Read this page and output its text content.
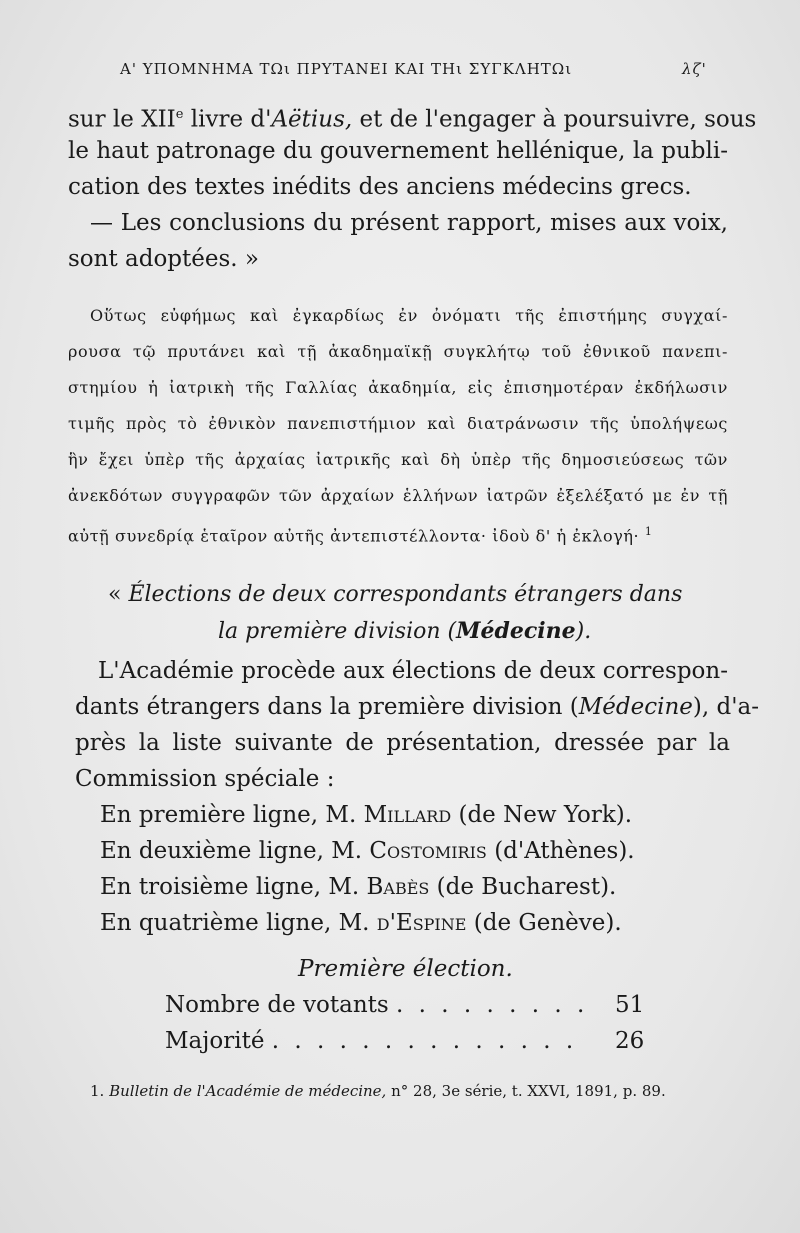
Α' ΥΠΟΜΝΗΜΑ ΤΩι ΠΡΥΤΑΝΕΙ ΚΑΙ ΤΗι ΣΥΓΚΛΗΤΩι	λζ'
sur le XIIe livre d'Aëtius, et de l'engager à poursuivre, sous
le haut patronage du gouvernement hellénique, la publi-
cation des textes inédits des anciens médecins grecs.
— Les conclusions du présent rapport, mises aux voix,
sont adoptées. »
Οὕτως εὐφήμως καὶ ἐγκαρδίως ἐν ὀνόματι τῆς ἐπιστήμης συγχαί-
ρουσα τῷ πρυτάνει καὶ τῇ ἀκαδημαϊκῇ συγκλήτῳ τοῦ ἐθνικοῦ πανεπι-
στημίου ἡ ἰατρικὴ τῆς Γαλλίας ἀκαδημία, εἰς ἐπισημοτέραν ἐκδήλωσιν
τιμῆς πρὸς τὸ ἐθνικὸν πανεπιστήμιον καὶ διατράνωσιν τῆς ὑπολήψεως
ἣν ἔχει ὑπὲρ τῆς ἀρχαίας ἰατρικῆς καὶ δὴ ὑπὲρ τῆς δημοσιεύσεως τῶν
ἀνεκδότων συγγραφῶν τῶν ἀρχαίων ἑλλήνων ἰατρῶν ἐξελέξατό με ἐν τῇ
αὐτῇ συνεδρίᾳ ἑταῖρον αὐτῆς ἀντεπιστέλλοντα· ἰδοὺ δ' ἡ ἐκλογή· $^1$
« Élections de deux correspondants étrangers dans
la première division (Médecine).
L'Académie procède aux élections de deux correspon-
dants étrangers dans la première division (Médecine), d'a-
près la liste suivante de présentation, dressée par la
Commission spéciale :
En première ligne, M. Millard (de New York).
En deuxième ligne, M. Costomiris (d'Athènes).
En troisième ligne, M. Babès (de Bucharest).
En quatrième ligne, M. d'Espine (de Genève).
Première élection.
Nombre de votants . . . . . . . . . 51
Majorité . . . . . . . . . . . . . . 26
1. Bulletin de l'Académie de médecine, n° 28, 3e série, t. XXVI, 1891, p. 89.
